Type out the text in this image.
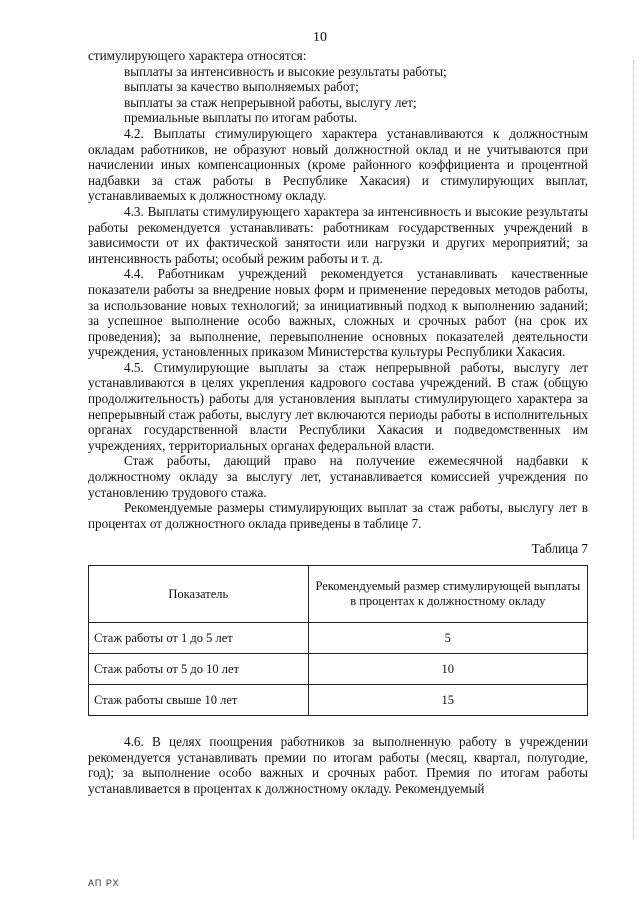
10

стимулирующего характера относятся:

выплаты за интенсивность и высокие результаты работы;

выплаты за качество выполняемых работ;

выплаты за стаж непрерывной работы, выслугу лет;

премиальные выплаты по итогам работы.

4.2. Выплаты стимулирующего характера устанавливаются к должностным окладам работников, не образуют новый должностной оклад и не учитываются при начислении иных компенсационных (кроме районного коэффициента и процентной надбавки за стаж работы в Республике Хакасия) и стимулирующих выплат, устанавливаемых к должностному окладу.

4.3. Выплаты стимулирующего характера за интенсивность и высокие результаты работы рекомендуется устанавливать: работникам государственных учреждений в зависимости от их фактической занятости или нагрузки и других мероприятий; за интенсивность работы; особый режим работы и т. д.

4.4. Работникам учреждений рекомендуется устанавливать качественные показатели работы за внедрение новых форм и применение передовых методов работы, за использование новых технологий; за инициативный подход к выполнению заданий; за успешное выполнение особо важных, сложных и срочных работ (на срок их проведения); за выполнение, перевыполнение основных показателей деятельности учреждения, установленных приказом Министерства культуры Республики Хакасия.

4.5. Стимулирующие выплаты за стаж непрерывной работы, выслугу лет устанавливаются в целях укрепления кадрового состава учреждений. В стаж (общую продолжительность) работы для установления выплаты стимулирующего характера за непрерывный стаж работы, выслугу лет включаются периоды работы в исполнительных органах государственной власти Республики Хакасия и подведомственных им учреждениях, территориальных органах федеральной власти.

Стаж работы, дающий право на получение ежемесячной надбавки к должностному окладу за выслугу лет, устанавливается комиссией учреждения по установлению трудового стажа.

Рекомендуемые размеры стимулирующих выплат за стаж работы, выслугу лет в процентах от должностного оклада приведены в таблице 7.

Таблица 7
Показатель	Рекомендуемый размер стимулирующей выплаты в процентах к должностному окладу
Стаж работы от 1 до 5 лет	5
Стаж работы от 5 до 10 лет	10
Стаж работы свыше 10 лет	15

4.6. В целях поощрения работников за выполненную работу в учреждении рекомендуется устанавливать премии по итогам работы (месяц, квартал, полугодие, год); за выполнение особо важных и срочных работ. Премия по итогам работы устанавливается в процентах к должностному окладу. Рекомендуемый

АП РХ
